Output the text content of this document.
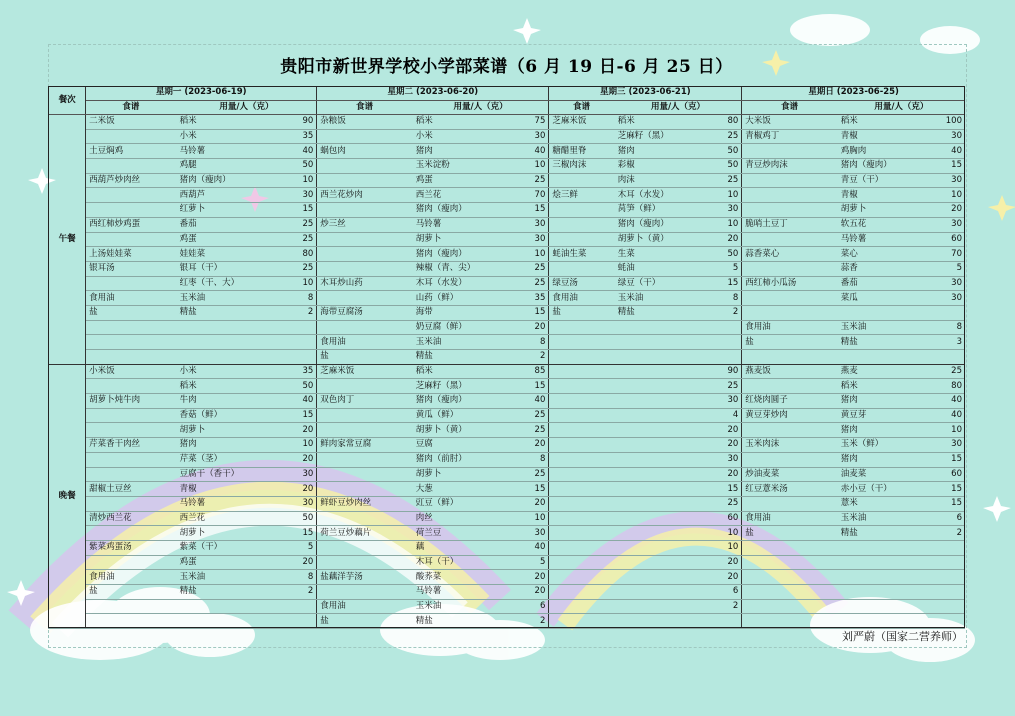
贵阳市新世界学校小学部菜谱（6 月 19 日-6 月 25 日）
餐次	星期一 (2023-06-19)			星期二 (2023-06-20)			星期三 (2023-06-21)			星期日 (2023-06-25)		
	食谱	用量/人（克）		食谱	用量/人（克）		食谱	用量/人（克）		食谱	用量/人（克）	
午餐	二米饭	稻米	90	杂粮饭	稻米	75	芝麻米饭	稻米	80	大米饭	稻米	100
		小米	35		小米	30		芝麻籽（黑）	25	青椒鸡丁	青椒	30
	土豆焖鸡	马铃薯	40	蜗包肉	猪肉	40	糖醋里脊	猪肉	50		鸡胸肉	40
		鸡腿	50		玉米淀粉	10	三椒肉沫	彩椒	50	青豆炒肉沫	猪肉（瘦肉）	15
	西葫芦炒肉丝	猪肉（瘦肉）	10		鸡蛋	25		肉沫	25		青豆（干）	30
		西葫芦	30	西兰花炒肉	西兰花	70	烩三鲜	木耳（水发）	10		青椒	10
		红萝卜	15		猪肉（瘦肉）	15		莴笋（鲜）	30		胡萝卜	20
	西红柿炒鸡蛋	番茄	25	炒三丝	马铃薯	30		猪肉（瘦肉）	10	脆哨土豆丁	软五花	30
		鸡蛋	25		胡萝卜	30		胡萝卜（黄）	20		马铃薯	60
	上汤娃娃菜	娃娃菜	80		猪肉（瘦肉）	10	蚝油生菜	生菜	50	蒜香菜心	菜心	70
	银耳汤	银耳（干）	25		辣椒（青、尖）	25		蚝油	5		蒜香	5
		红枣（干、大）	10	木耳炒山药	木耳（水发）	25	绿豆汤	绿豆（干）	15	西红柿小瓜汤	番茄	30
	食用油	玉米油	8		山药（鲜）	35	食用油	玉米油	8		菜瓜	30
	盐	精盐	2	海带豆腐汤	海带	15	盐	精盐	2			
					奶豆腐（鲜）	20				食用油	玉米油	8
				食用油	玉米油	8				盐	精盐	3
				盐	精盐	2						
晚餐	小米饭	小米	35	芝麻米饭	稻米	85			90	燕麦饭	燕麦	25
		稻米	50		芝麻籽（黑）	15			25		稻米	80
	胡萝卜炖牛肉	牛肉	40	双色肉丁	猪肉（瘦肉）	40			30	红烧肉圆子	猪肉	40
		香菇（鲜）	15		黄瓜（鲜）	25			4	黄豆芽炒肉	黄豆芽	40
		胡萝卜	20		胡萝卜（黄）	25			20		猪肉	10
	芹菜香干肉丝	猪肉	10	鲜肉家常豆腐	豆腐	20			20	玉米肉沫	玉米（鲜）	30
		芹菜（茎）	20		猪肉（前肘）	8			30		猪肉	15
		豆腐干（香干）	30		胡萝卜	25			20	炒油麦菜	油麦菜	60
	甜椒土豆丝	青椒	20		大葱	15			15	红豆薏米汤	赤小豆（干）	15
		马铃薯	30	鲜虾豆炒肉丝	豇豆（鲜）	20			25		薏米	15
	清炒西兰花	西兰花	50		肉丝	10			60	食用油	玉米油	6
		胡萝卜	15	荷兰豆炒藕片	荷兰豆	30			10	盐	精盐	2
	紫菜鸡蛋汤	紫菜（干）	5		藕	40			10			
		鸡蛋	20		木耳（干）	5			20			
	食用油	玉米油	8	盐藕洋芋汤	酸荞菜	20			20			
	盐	精盐	2		马铃薯	20			6			
				食用油	玉米油	6			2			
				盐	精盐	2						
刘严蔚（国家二营养师）
